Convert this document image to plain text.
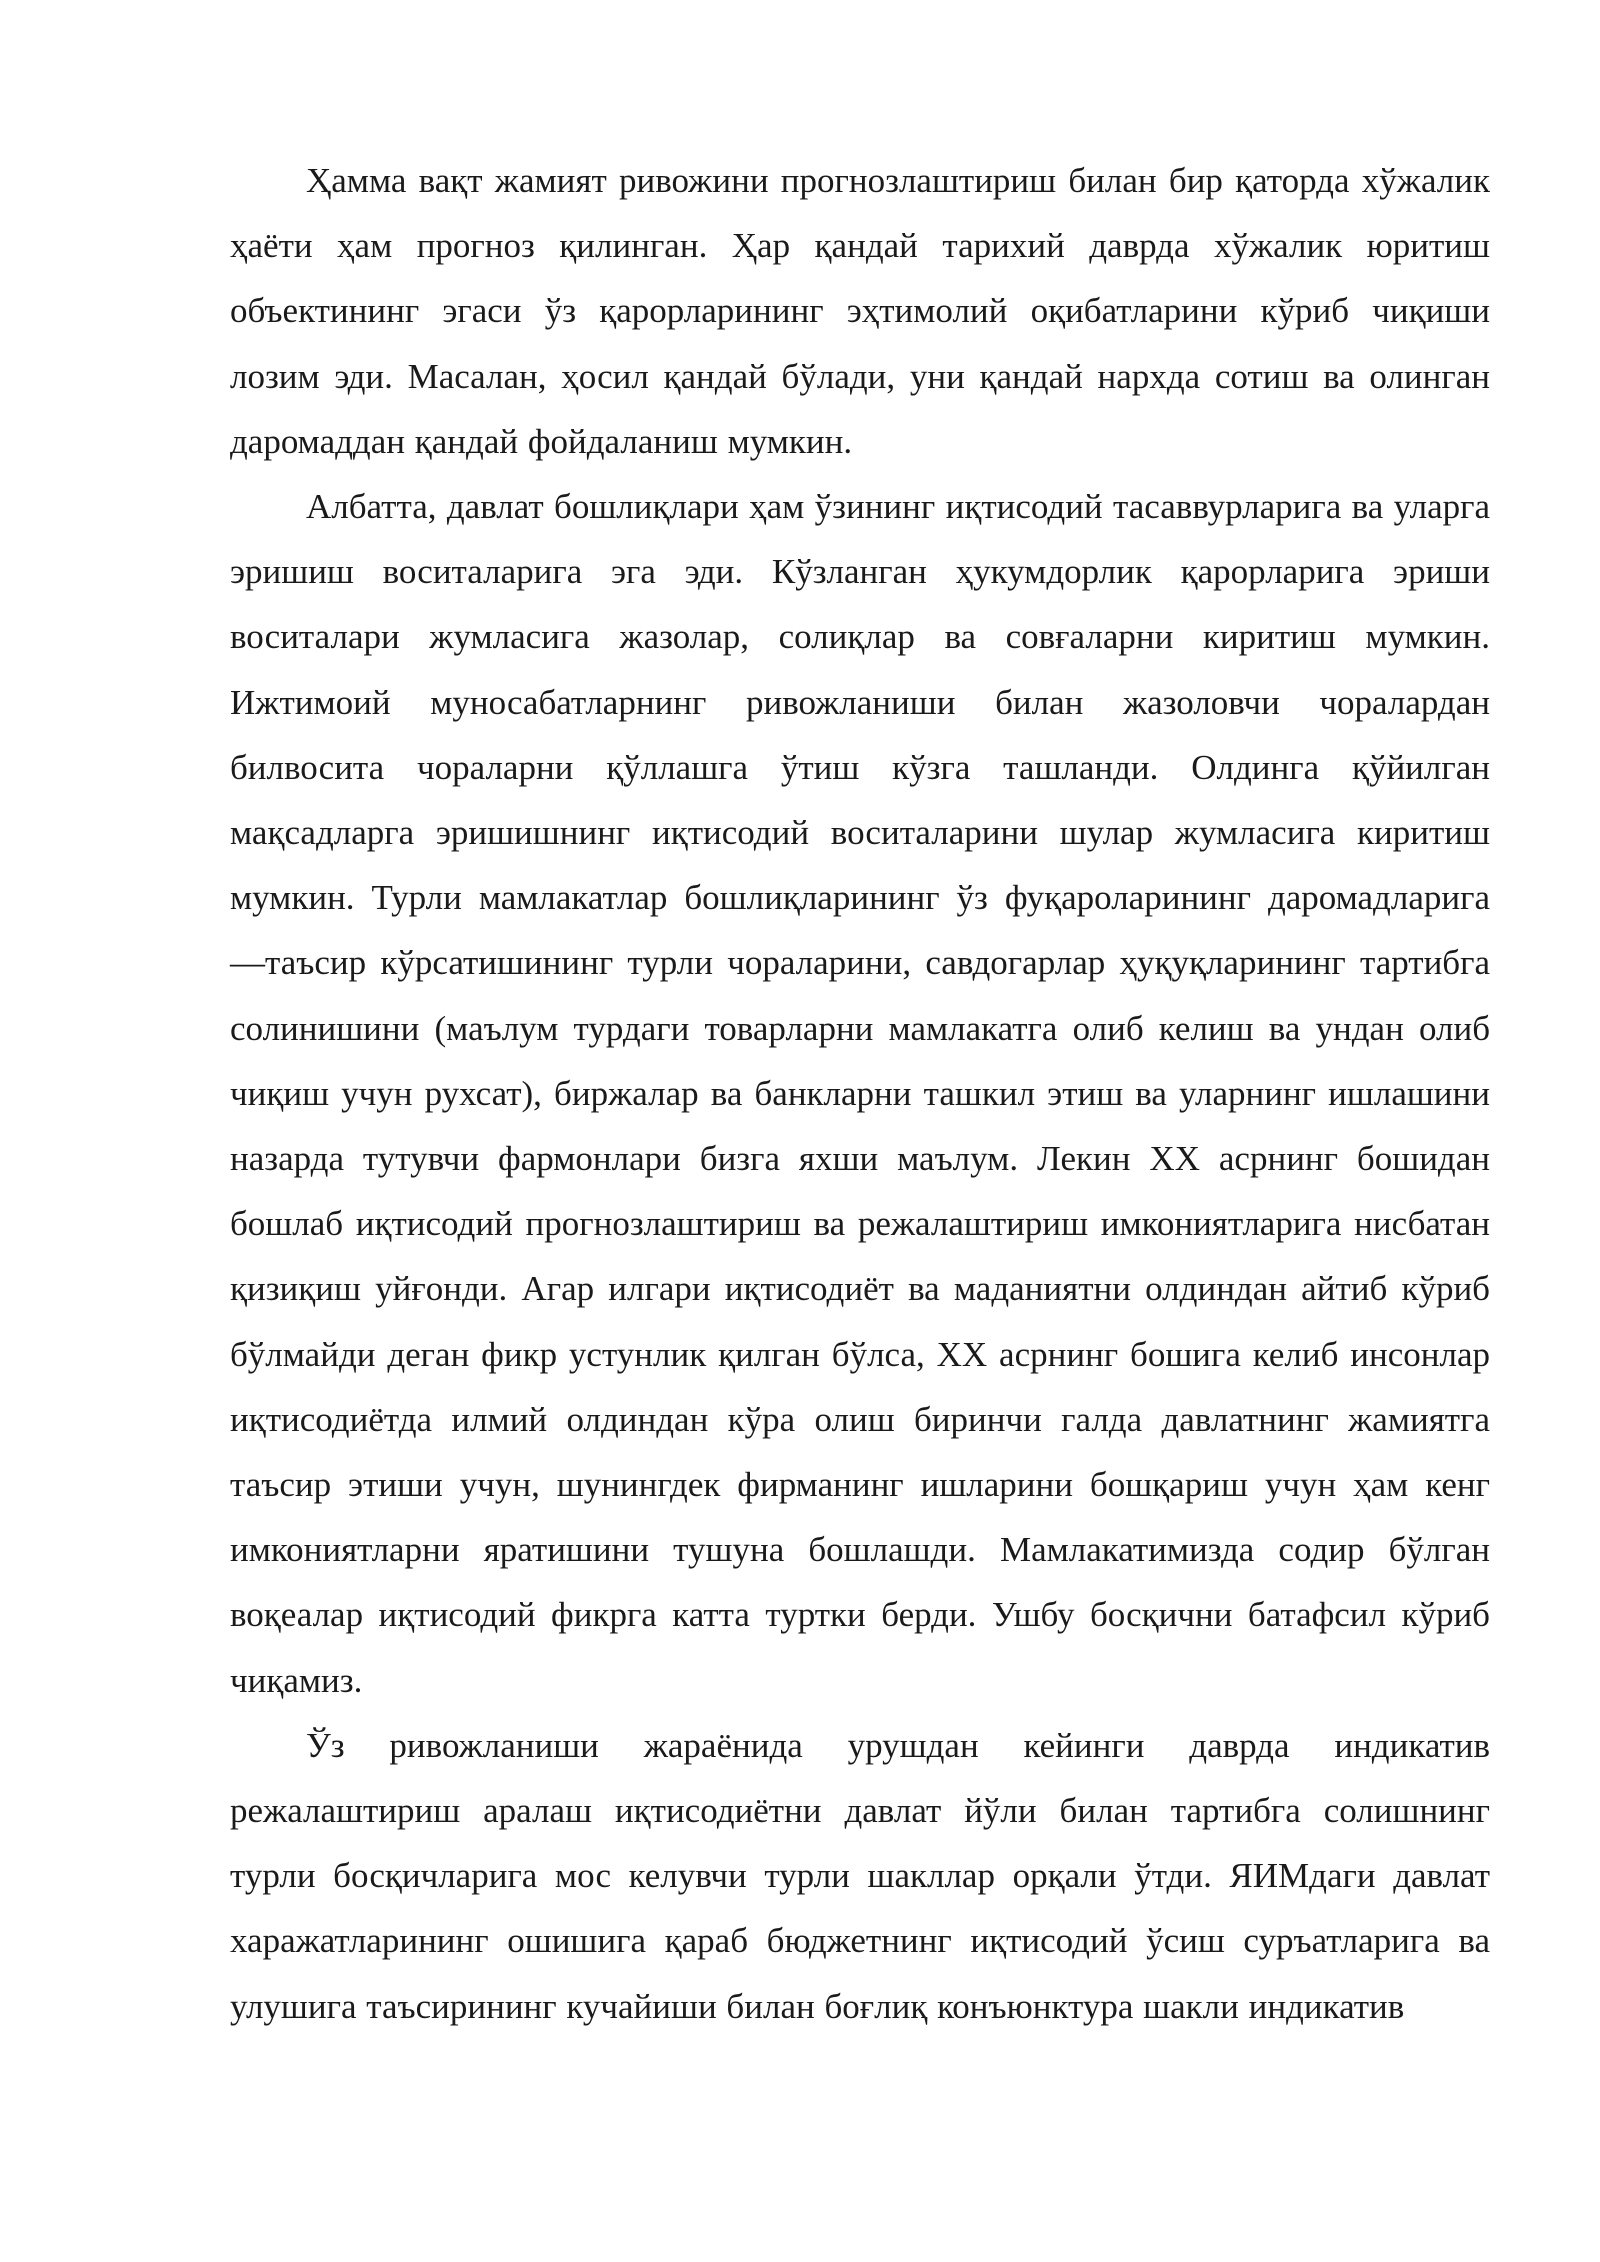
Ҳамма вақт жамият ривожини прогнозлаштириш билан бир қаторда хўжалик ҳаёти ҳам прогноз қилинган. Ҳар қандай тарихий даврда хўжалик юритиш объектининг эгаси ўз қарорларининг эҳтимолий оқибатларини кўриб чиқиши лозим эди. Масалан, ҳосил қандай бўлади, уни қандай нархда сотиш ва олинган даромаддан қандай фойдаланиш мумкин.

Албатта, давлат бошлиқлари ҳам ўзининг иқтисодий тасаввурларига ва уларга эришиш воситаларига эга эди. Кўзланган ҳукумдорлик қарорларига эриши воситалари жумласига жазолар, солиқлар ва совғаларни киритиш мумкин. Ижтимоий муносабатларнинг ривожланиши билан жазоловчи чоралардан билвосита чораларни қўллашга ўтиш кўзга ташланди. Олдинга қўйилган мақсадларга эришишнинг иқтисодий воситаларини шулар жумласига киритиш мумкин. Турли мамлакатлар бошлиқларининг ўз фуқароларининг даромадларига —таъсир кўрсатишининг турли чораларини, савдогарлар ҳуқуқларининг тартибга солинишини (маълум турдаги товарларни мамлакатга олиб келиш ва ундан олиб чиқиш учун рухсат), биржалар ва банкларни ташкил этиш ва уларнинг ишлашини назарда тутувчи фармонлари бизга яхши маълум. Лекин XX асрнинг бошидан бошлаб иқтисодий прогнозлаштириш ва режалаштириш имкониятларига нисбатан қизиқиш уйғонди. Агар илгари иқтисодиёт ва маданиятни олдиндан айтиб кўриб бўлмайди деган фикр устунлик қилган бўлса, XX асрнинг бошига келиб инсонлар иқтисодиётда илмий олдиндан кўра олиш биринчи галда давлатнинг жамиятга таъсир этиши учун, шунингдек фирманинг ишларини бошқариш учун ҳам кенг имкониятларни яратишини тушуна бошлашди. Мамлакатимизда содир бўлган воқеалар иқтисодий фикрга катта туртки берди. Ушбу босқични батафсил кўриб чиқамиз.

Ўз ривожланиши жараёнида урушдан кейинги даврда индикатив режалаштириш аралаш иқтисодиётни давлат йўли билан тартибга солишнинг турли босқичларига мос келувчи турли шакллар орқали ўтди. ЯИМдаги давлат харажатларининг ошишига қараб бюджетнинг иқтисодий ўсиш суръатларига ва улушига таъсирининг кучайиши билан боғлиқ конъюнктура шакли индикатив
